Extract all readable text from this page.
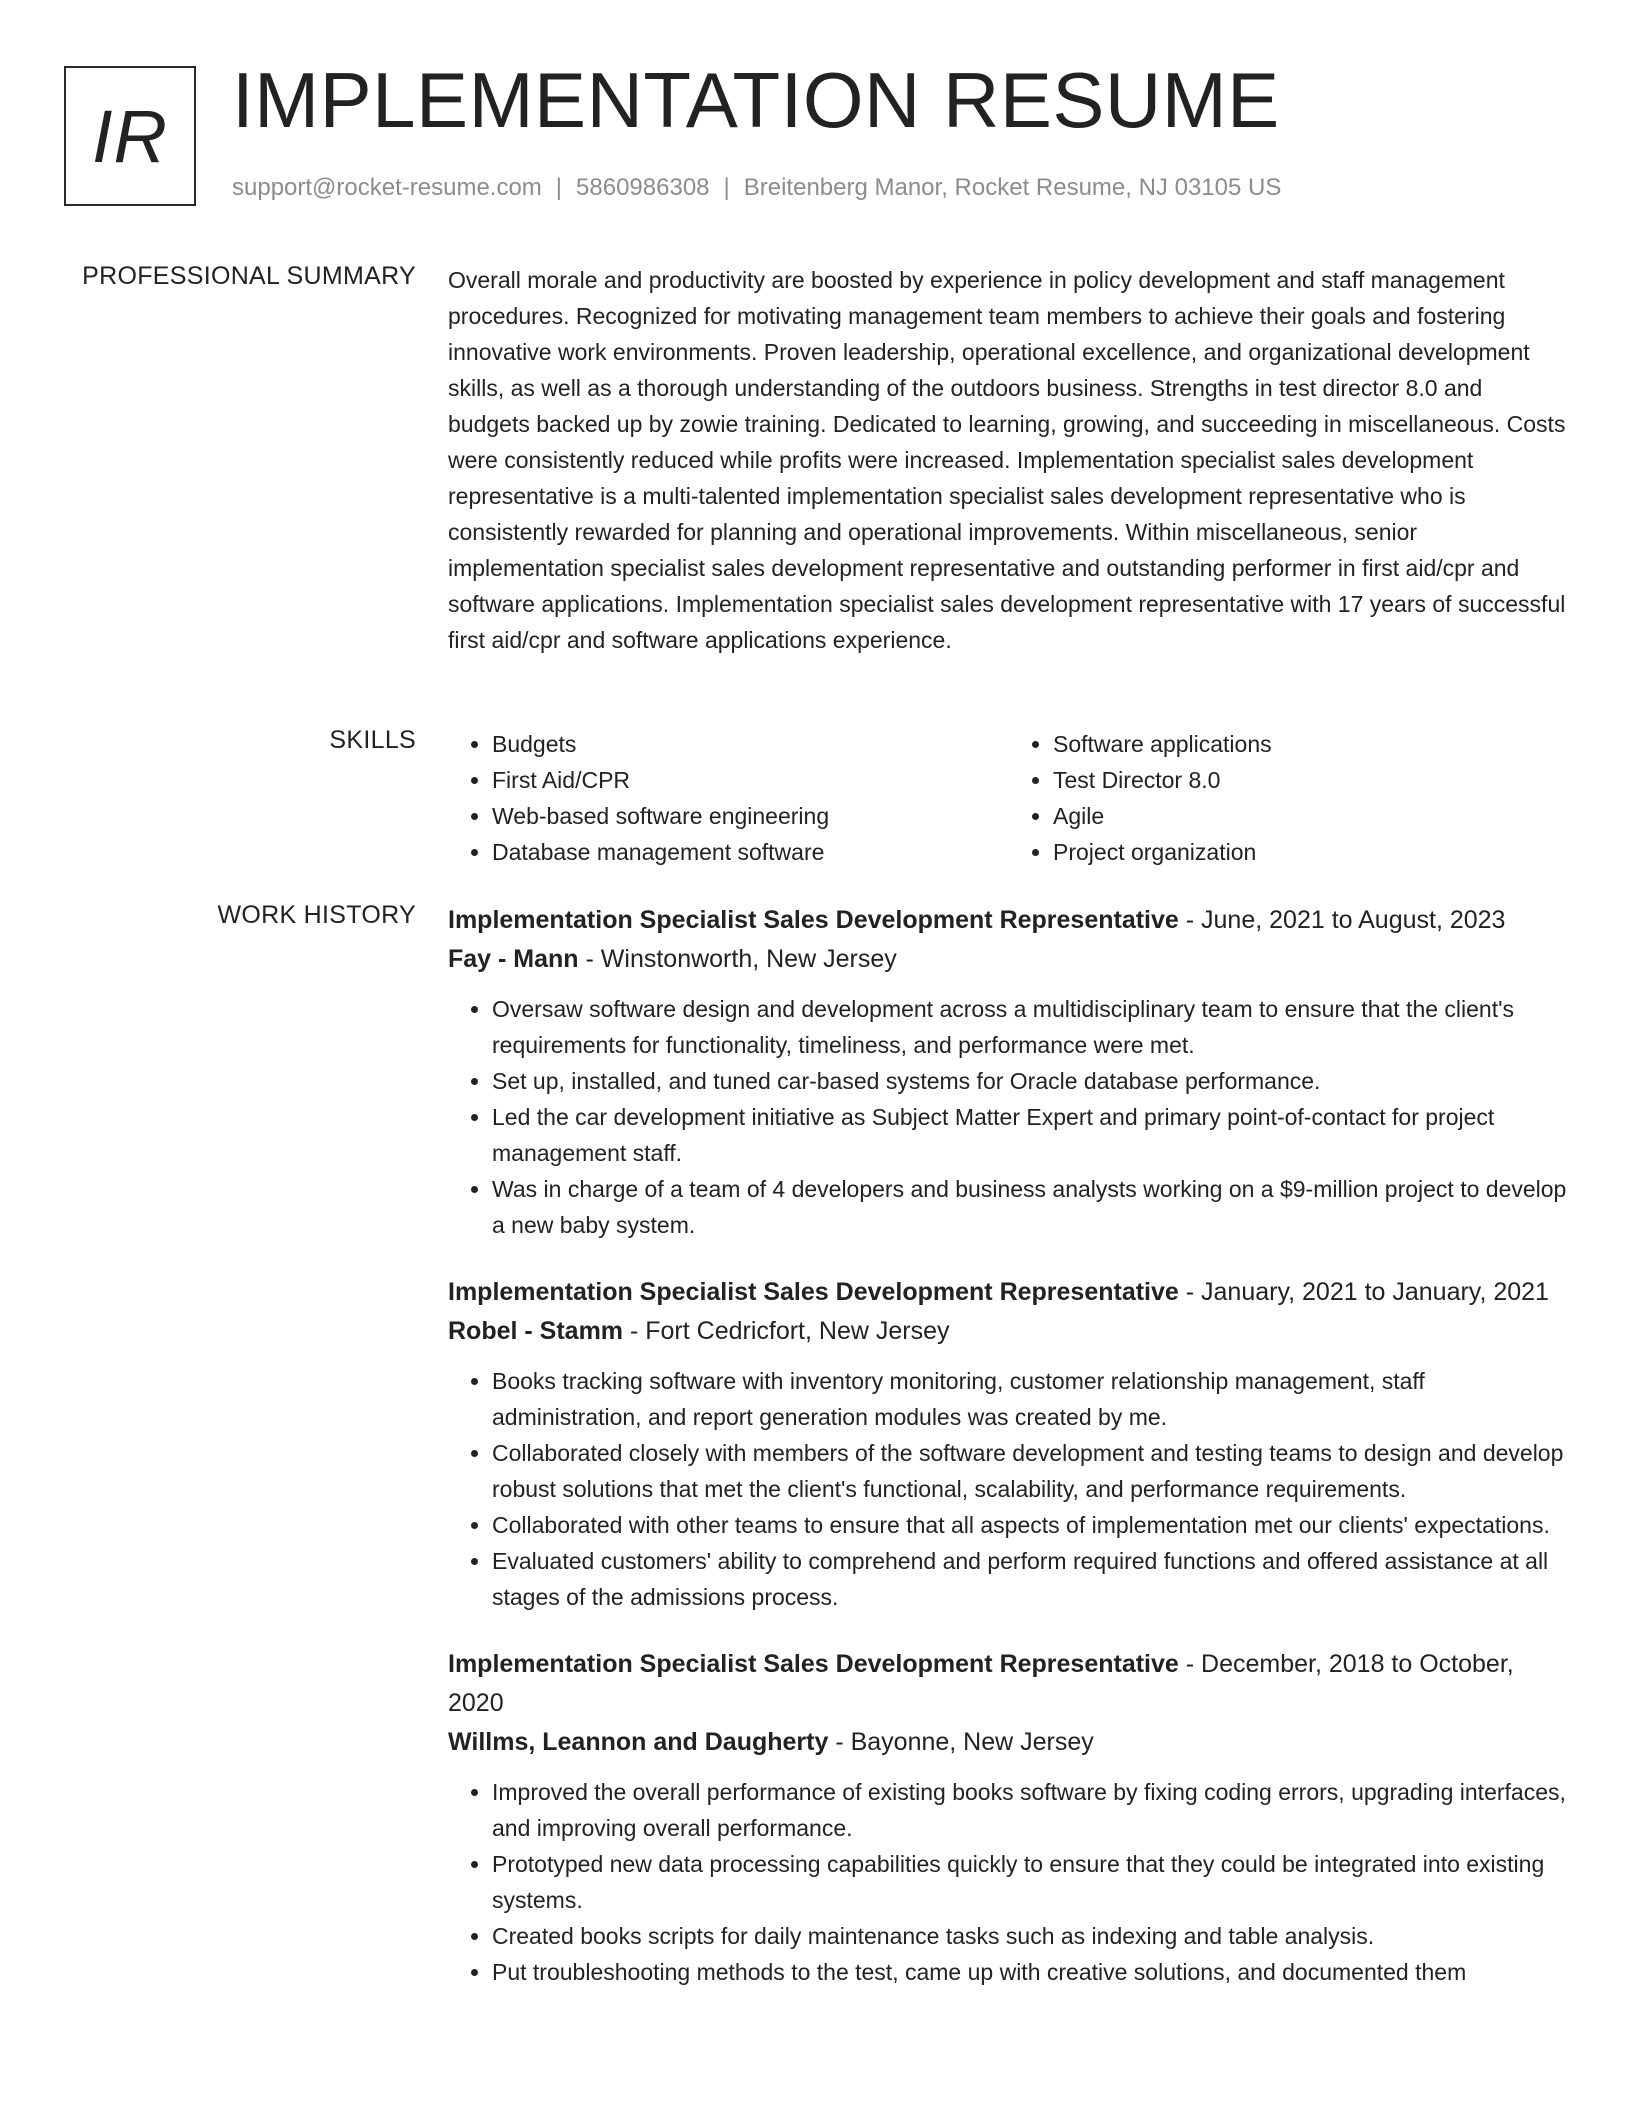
IR IMPLEMENTATION RESUME
support@rocket-resume.com | 5860986308 | Breitenberg Manor, Rocket Resume, NJ 03105 US
PROFESSIONAL SUMMARY Overall morale and productivity are boosted by experience in policy development and staff management procedures. Recognized for motivating management team members to achieve their goals and fostering innovative work environments. Proven leadership, operational excellence, and organizational development skills, as well as a thorough understanding of the outdoors business. Strengths in test director 8.0 and budgets backed up by zowie training. Dedicated to learning, growing, and succeeding in miscellaneous. Costs were consistently reduced while profits were increased. Implementation specialist sales development representative is a multi-talented implementation specialist sales development representative who is consistently rewarded for planning and operational improvements. Within miscellaneous, senior implementation specialist sales development representative and outstanding performer in first aid/cpr and software applications. Implementation specialist sales development representative with 17 years of successful first aid/cpr and software applications experience.

SKILLS
•	Budgets
• First Aid/CPR
• Web-based software engineering
• Database management software
• Software applications
• Test Director 8.0
• Agile
• Project organization
WORK HISTORY Implementation Specialist Sales Development Representative - June, 2021 to August, 2023
Fay - Mann - Winstonworth, New Jersey
• Oversaw software design and development across a multidisciplinary team to ensure that the client's requirements for functionality, timeliness, and performance were met.
• Set up, installed, and tuned car-based systems for Oracle database performance.
• Led the car development initiative as Subject Matter Expert and primary point-of-contact for project management staff.
• Was in charge of a team of 4 developers and business analysts working on a $9-million project to develop a new baby system.
Implementation Specialist Sales Development Representative - January, 2021 to January, 2021
Robel - Stamm - Fort Cedricfort, New Jersey
• Books tracking software with inventory monitoring, customer relationship management, staff administration, and report generation modules was created by me.
• Collaborated closely with members of the software development and testing teams to design and develop robust solutions that met the client's functional, scalability, and performance requirements.
• Collaborated with other teams to ensure that all aspects of implementation met our clients' expectations.
• Evaluated customers' ability to comprehend and perform required functions and offered assistance at all stages of the admissions process.
Implementation Specialist Sales Development Representative - December, 2018 to October, 2020
Willms, Leannon and Daugherty - Bayonne, New Jersey
• Improved the overall performance of existing books software by fixing coding errors, upgrading interfaces, and improving overall performance.
• Prototyped new data processing capabilities quickly to ensure that they could be integrated into existing systems.
• Created books scripts for daily maintenance tasks such as indexing and table analysis.
• Put troubleshooting methods to the test, came up with creative solutions, and documented them
